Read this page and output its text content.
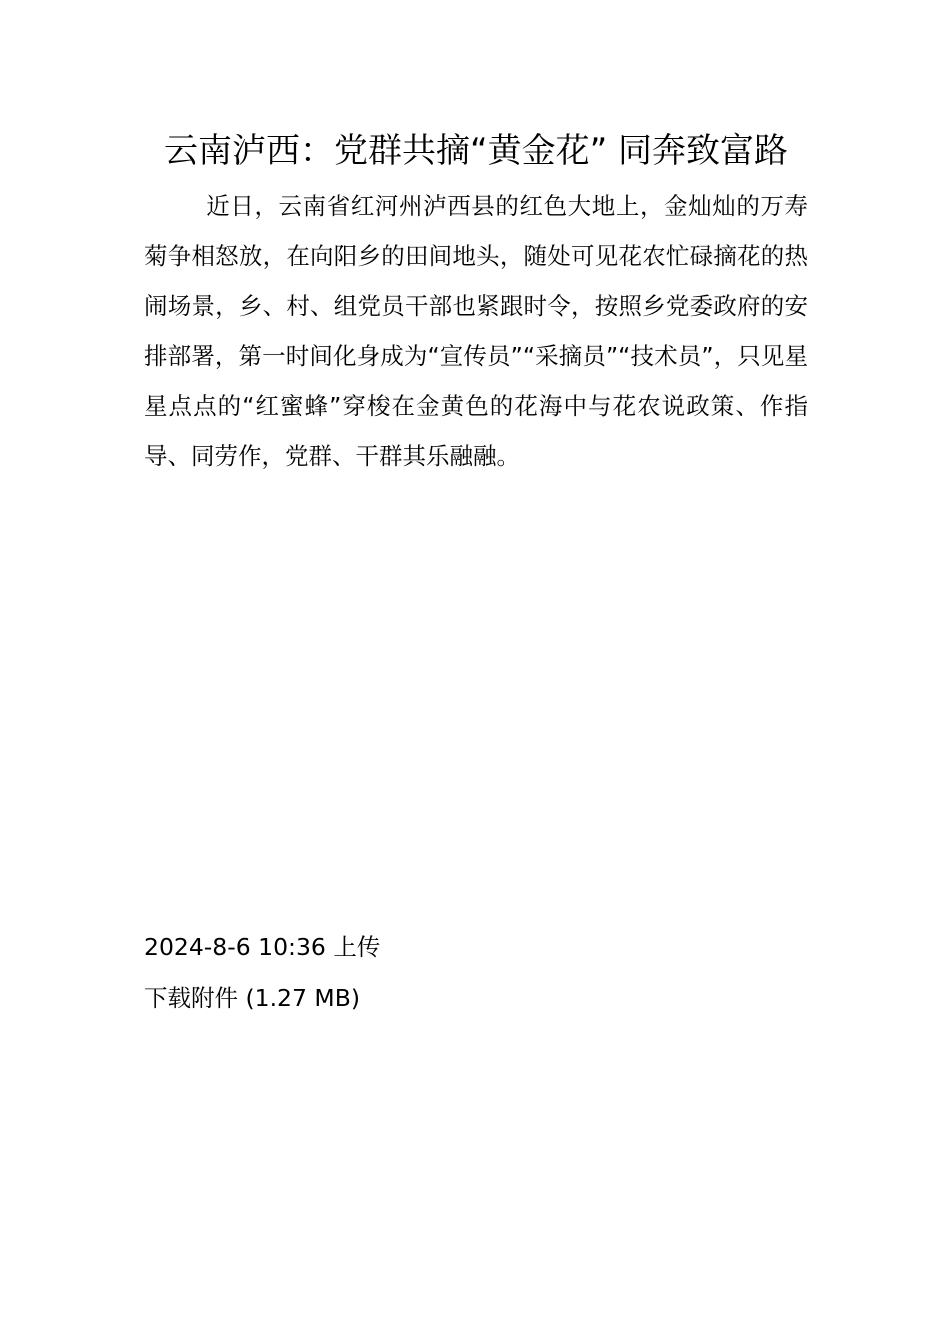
云南泸西：党群共摘“黄金花” 同奔致富路

近日，云南省红河州泸西县的红色大地上，金灿灿的万寿菊争相怒放，在向阳乡的田间地头，随处可见花农忙碌摘花的热闹场景，乡、村、组党员干部也紧跟时令，按照乡党委政府的安排部署，第一时间化身成为“宣传员”“采摘员”“技术员”，只见星星点点的“红蜜蜂”穿梭在金黄色的花海中与花农说政策、作指导、同劳作，党群、干群其乐融融。

2024-8-6 10:36 上传
下载附件 (1.27 MB)
